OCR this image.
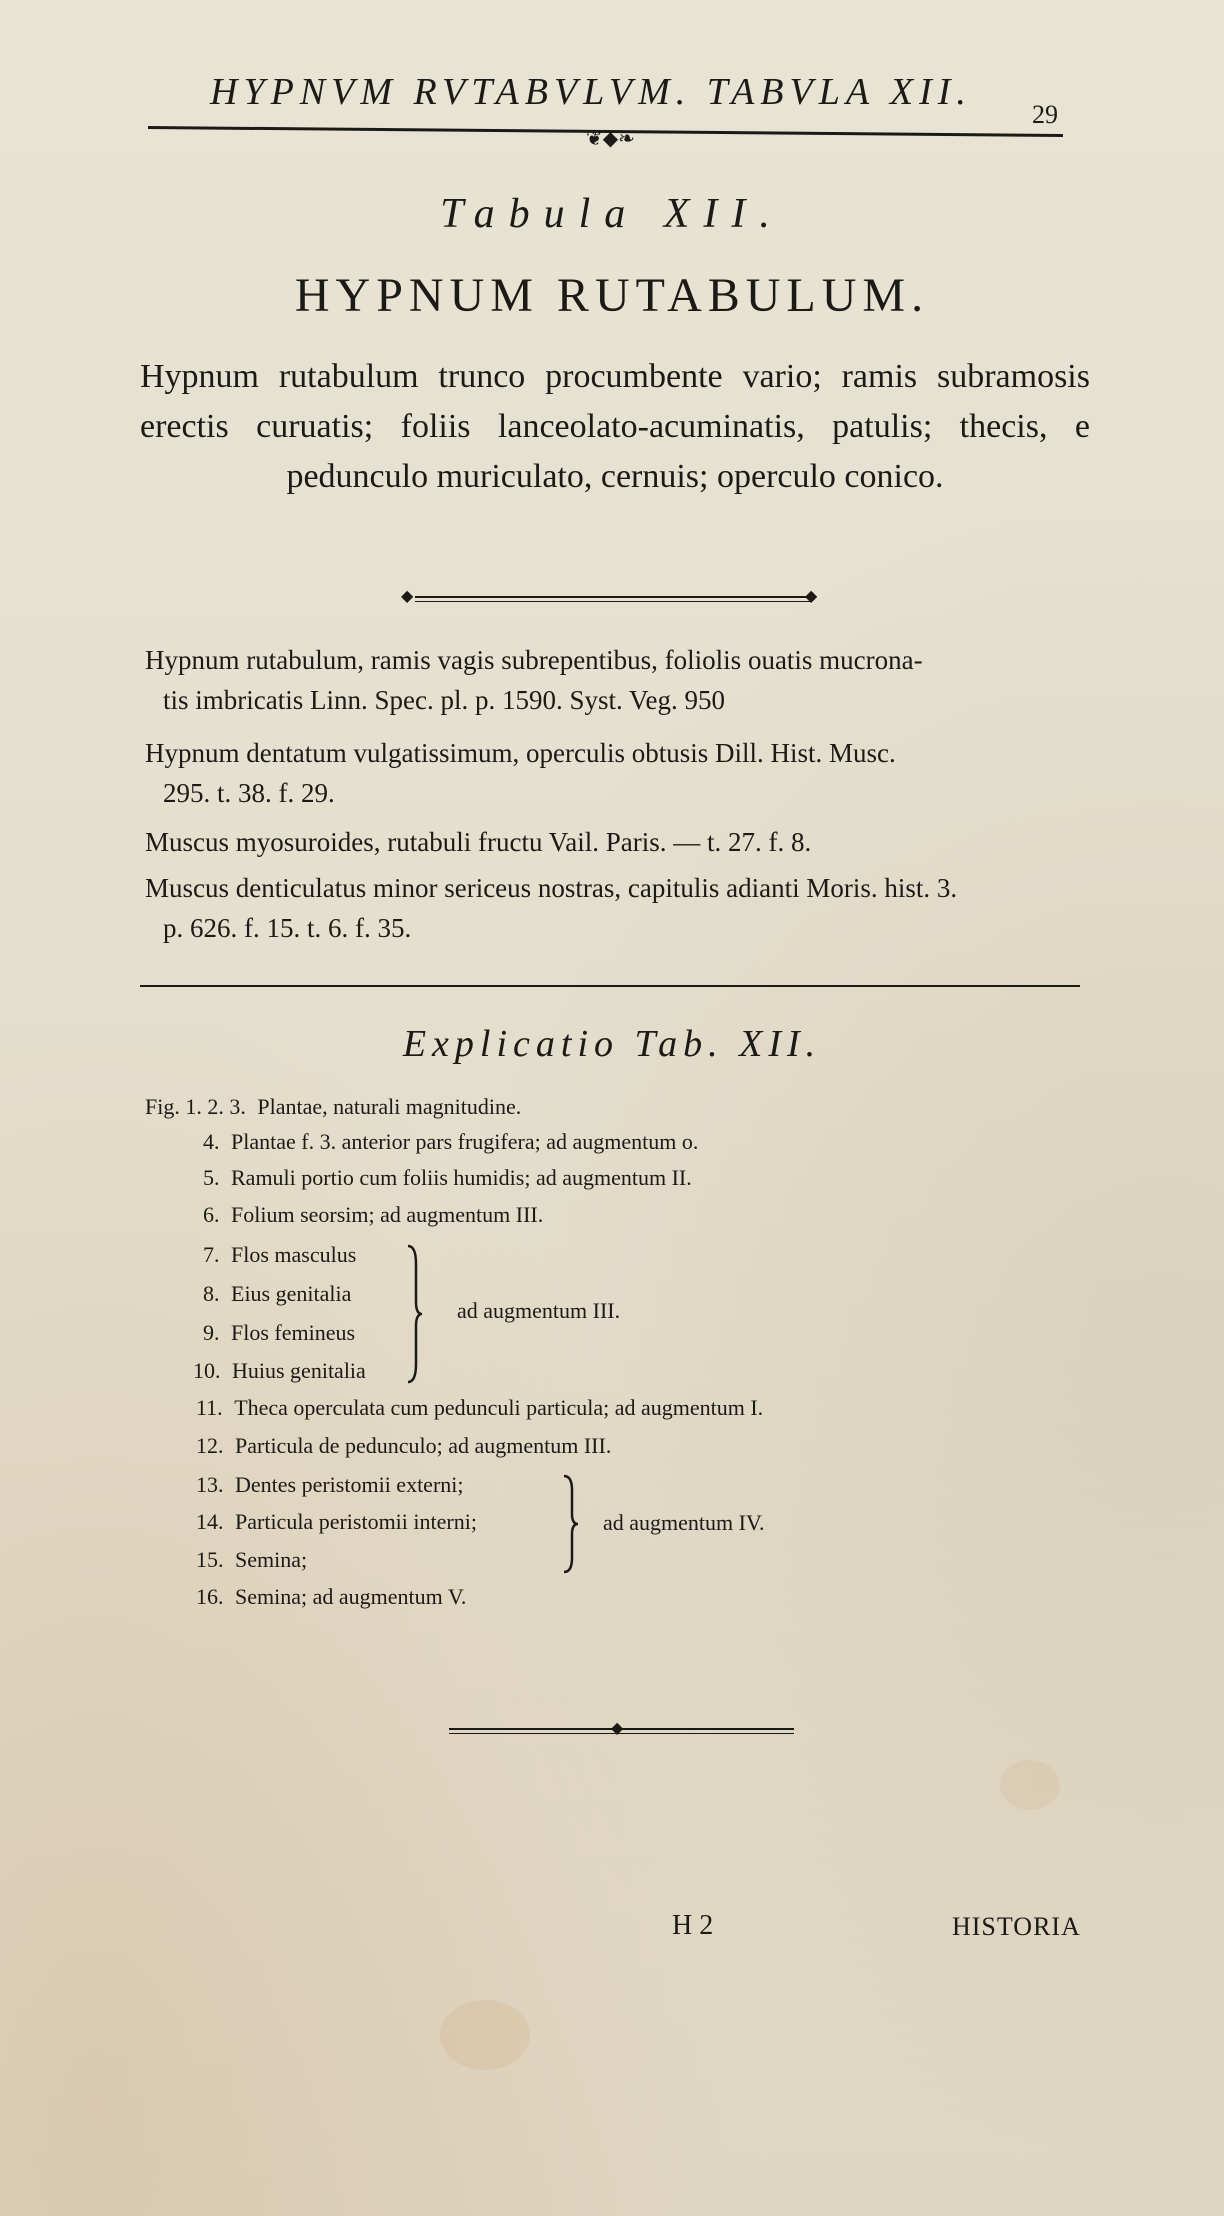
HYPNVM RVTABVLVM. TABVLA XII.
29
❦◆❧
Tabula XII.
HYPNUM RUTABULUM.
Hypnum rutabulum trunco procumbente vario; ramis subramosis erectis curuatis; foliis lanceolato-acuminatis, patulis; thecis, e pedunculo muriculato, cernuis; operculo conico.
◆	◆
Hypnum rutabulum, ramis vagis subrepentibus, foliolis ouatis mucrona-
tis imbricatis Linn. Spec. pl. p. 1590. Syst. Veg. 950
Hypnum dentatum vulgatissimum, operculis obtusis Dill. Hist. Musc.
295. t. 38. f. 29.
Muscus myosuroides, rutabuli fructu Vail. Paris. — t. 27. f. 8.
Muscus denticulatus minor sericeus nostras, capitulis adianti Moris. hist. 3.
p. 626. f. 15. t. 6. f. 35.
Explicatio Tab. XII.
Fig. 1. 2. 3. Plantae, naturali magnitudine.
4. Plantae f. 3. anterior pars frugifera; ad augmentum o.
5. Ramuli portio cum foliis humidis; ad augmentum II.
6. Folium seorsim; ad augmentum III.
7. Flos masculus
8. Eius genitalia
9. Flos femineus
10. Huius genitalia
ad augmentum III.
11. Theca operculata cum pedunculi particula; ad augmentum I.
12. Particula de pedunculo; ad augmentum III.
13. Dentes peristomii externi;
14. Particula peristomii interni;
15. Semina;
16. Semina; ad augmentum V.
ad augmentum IV.
◆
H 2	HISTORIA
